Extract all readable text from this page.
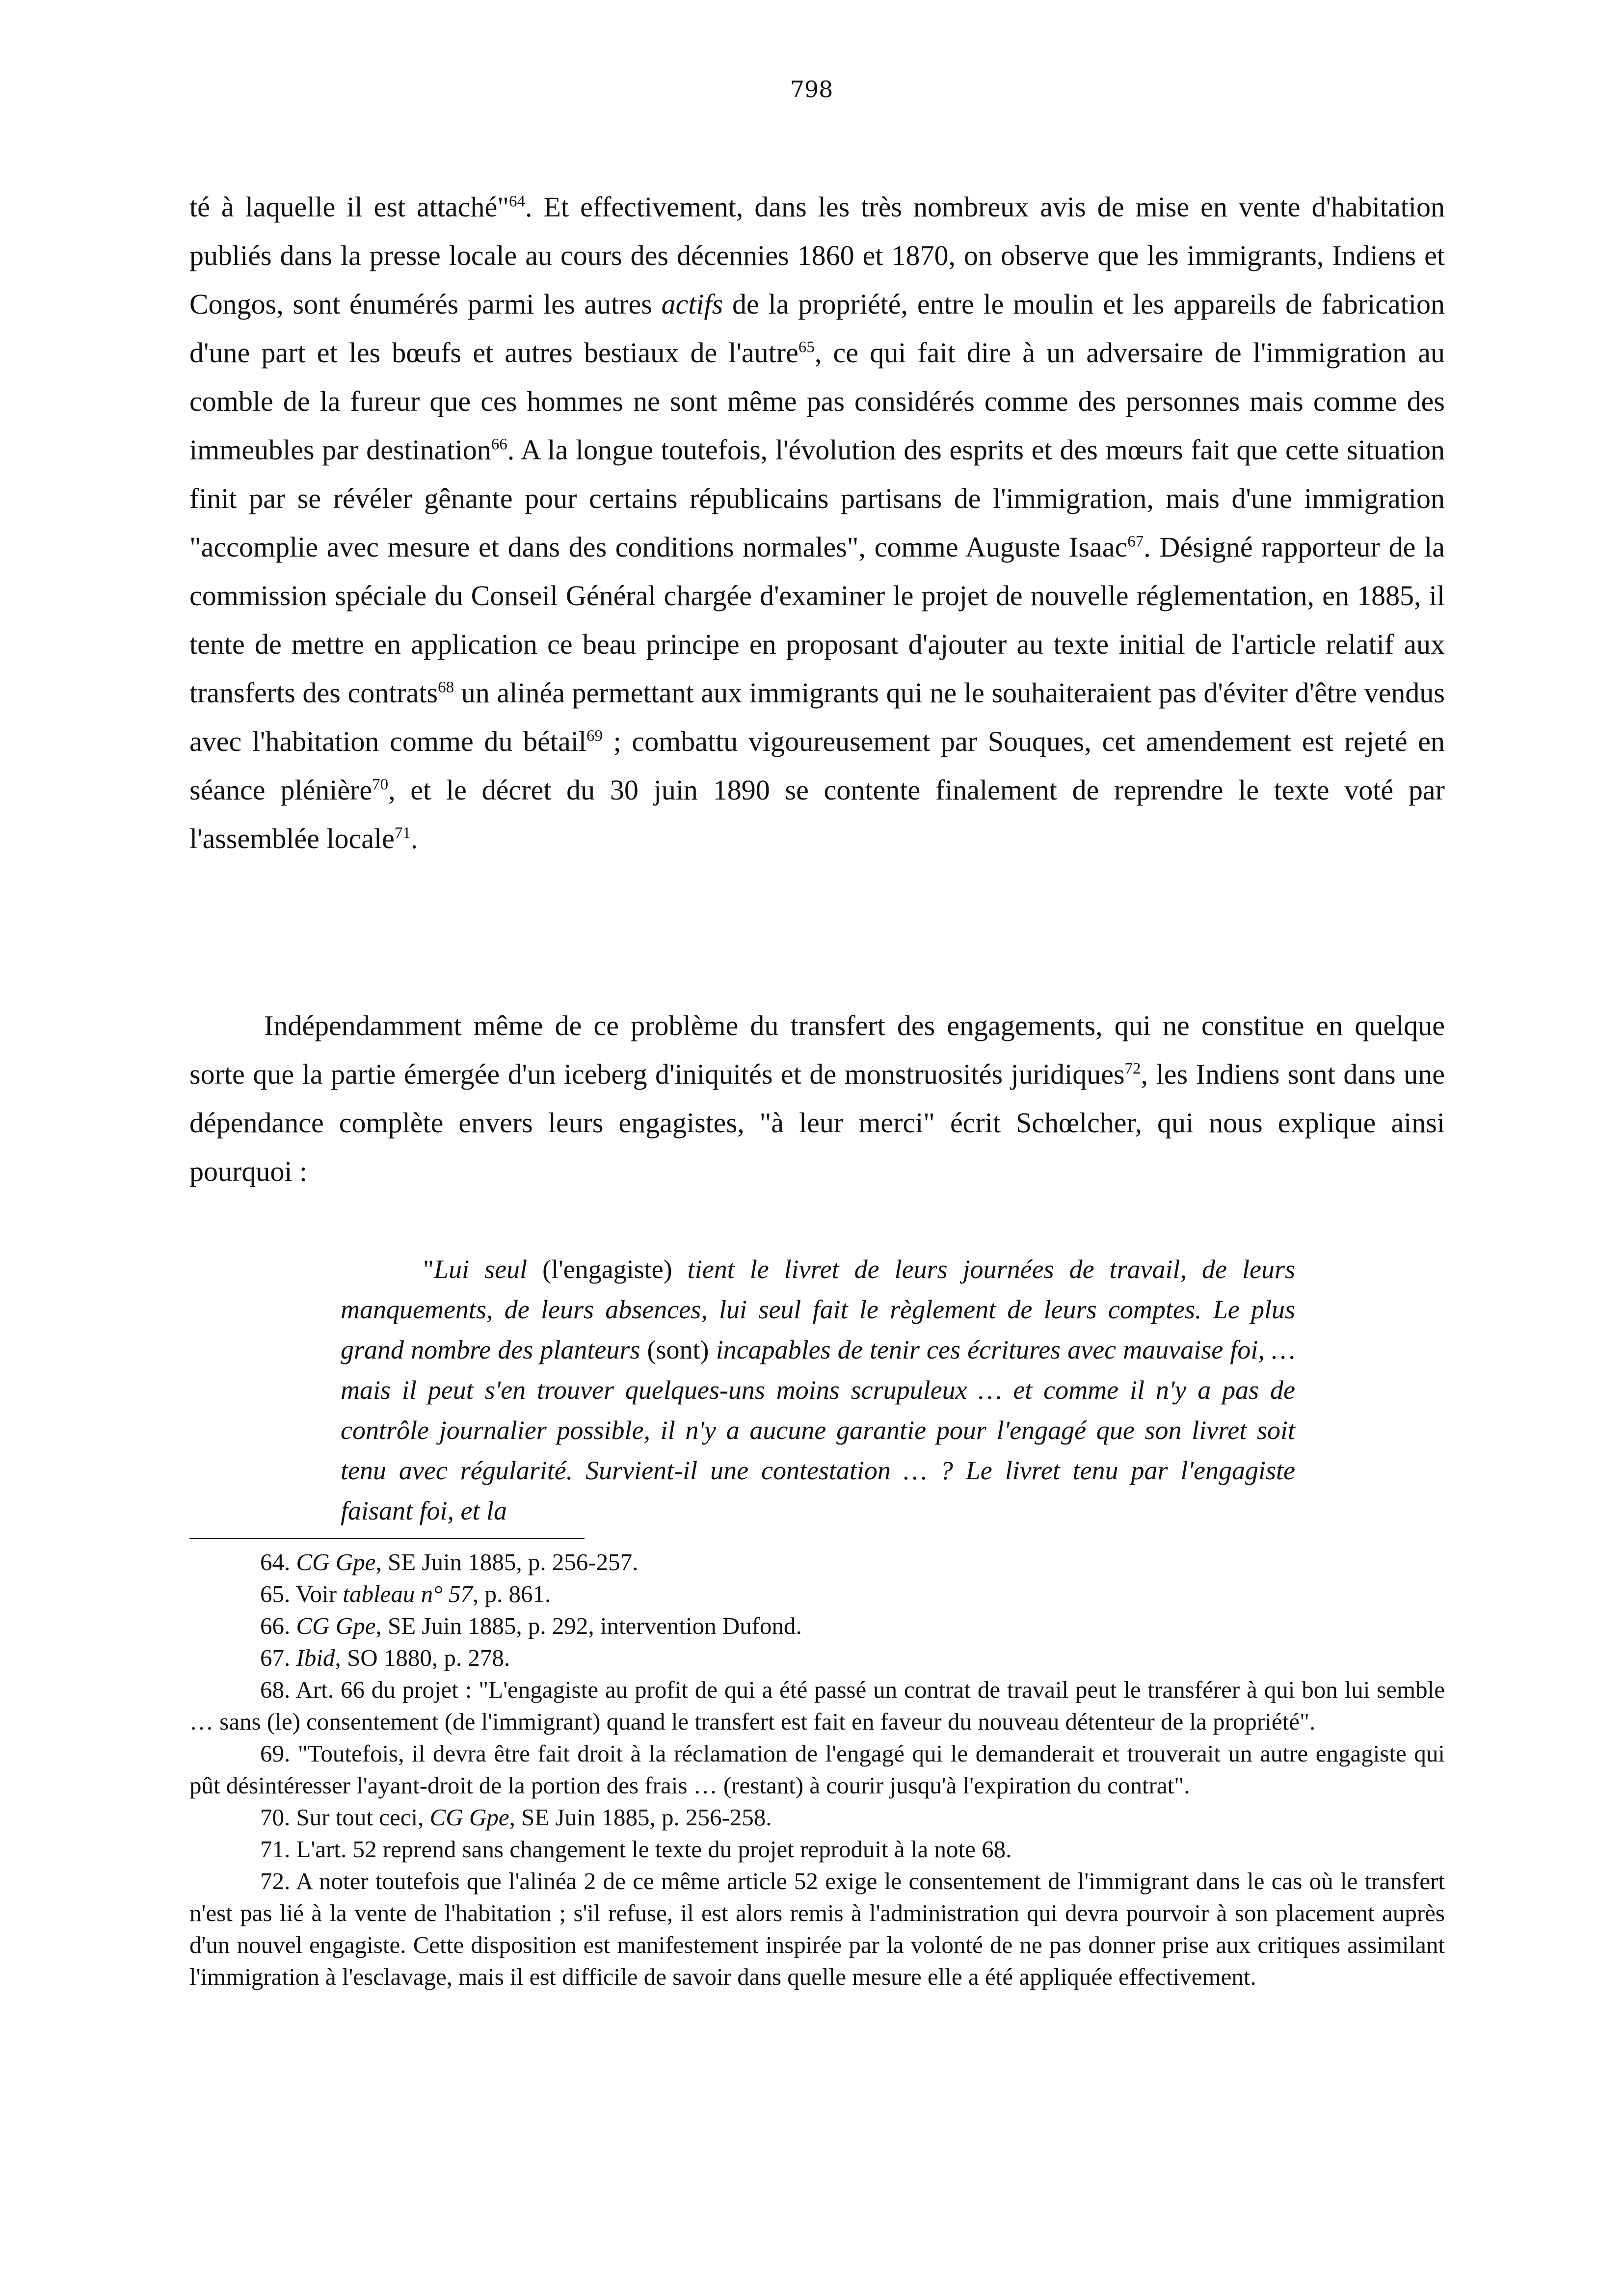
798

té à laquelle il est attaché"$^{64}$. Et effectivement, dans les très nombreux avis de mise en vente d'habitation publiés dans la presse locale au cours des décennies 1860 et 1870, on observe que les immigrants, Indiens et Congos, sont énumérés parmi les autres actifs de la propriété, entre le moulin et les appareils de fabrication d'une part et les bœufs et autres bestiaux de l'autre$^{65}$, ce qui fait dire à un adversaire de l'immigration au comble de la fureur que ces hommes ne sont même pas considérés comme des personnes mais comme des immeubles par destination$^{66}$. A la longue toutefois, l'évolution des esprits et des mœurs fait que cette situation finit par se révéler gênante pour certains républicains partisans de l'immigration, mais d'une immigration "accomplie avec mesure et dans des conditions normales", comme Auguste Isaac$^{67}$. Désigné rapporteur de la commission spéciale du Conseil Général chargée d'examiner le projet de nouvelle réglementation, en 1885, il tente de mettre en application ce beau principe en proposant d'ajouter au texte initial de l'article relatif aux transferts des contrats$^{68}$ un alinéa permettant aux immigrants qui ne le souhaiteraient pas d'éviter d'être vendus avec l'habitation comme du bétail$^{69}$ ; combattu vigoureusement par Souques, cet amendement est rejeté en séance plénière$^{70}$, et le décret du 30 juin 1890 se contente finalement de reprendre le texte voté par l'assemblée locale$^{71}$.

Indépendamment même de ce problème du transfert des engagements, qui ne constitue en quelque sorte que la partie émergée d'un iceberg d'iniquités et de monstruosités juridiques$^{72}$, les Indiens sont dans une dépendance complète envers leurs engagistes, "à leur merci" écrit Schœlcher, qui nous explique ainsi pourquoi :

"Lui seul (l'engagiste) tient le livret de leurs journées de travail, de leurs manquements, de leurs absences, lui seul fait le règlement de leurs comptes. Le plus grand nombre des planteurs (sont) incapables de tenir ces écritures avec mauvaise foi, … mais il peut s'en trouver quelques-uns moins scrupuleux … et comme il n'y a pas de contrôle journalier possible, il n'y a aucune garantie pour l'engagé que son livret soit tenu avec régularité. Survient-il une contestation … ? Le livret tenu par l'engagiste faisant foi, et la

64. CG Gpe, SE Juin 1885, p. 256-257.
65. Voir tableau n° 57, p. 861.
66. CG Gpe, SE Juin 1885, p. 292, intervention Dufond.
67. Ibid, SO 1880, p. 278.
68. Art. 66 du projet : "L'engagiste au profit de qui a été passé un contrat de travail peut le transférer à qui bon lui semble … sans (le) consentement (de l'immigrant) quand le transfert est fait en faveur du nouveau détenteur de la propriété".
69. "Toutefois, il devra être fait droit à la réclamation de l'engagé qui le demanderait et trouverait un autre engagiste qui pût désintéresser l'ayant-droit de la portion des frais … (restant) à courir jusqu'à l'expiration du contrat".
70. Sur tout ceci, CG Gpe, SE Juin 1885, p. 256-258.
71. L'art. 52 reprend sans changement le texte du projet reproduit à la note 68.
72. A noter toutefois que l'alinéa 2 de ce même article 52 exige le consentement de l'immigrant dans le cas où le transfert n'est pas lié à la vente de l'habitation ; s'il refuse, il est alors remis à l'administration qui devra pourvoir à son placement auprès d'un nouvel engagiste. Cette disposition est manifestement inspirée par la volonté de ne pas donner prise aux critiques assimilant l'immigration à l'esclavage, mais il est difficile de savoir dans quelle mesure elle a été appliquée effectivement.
